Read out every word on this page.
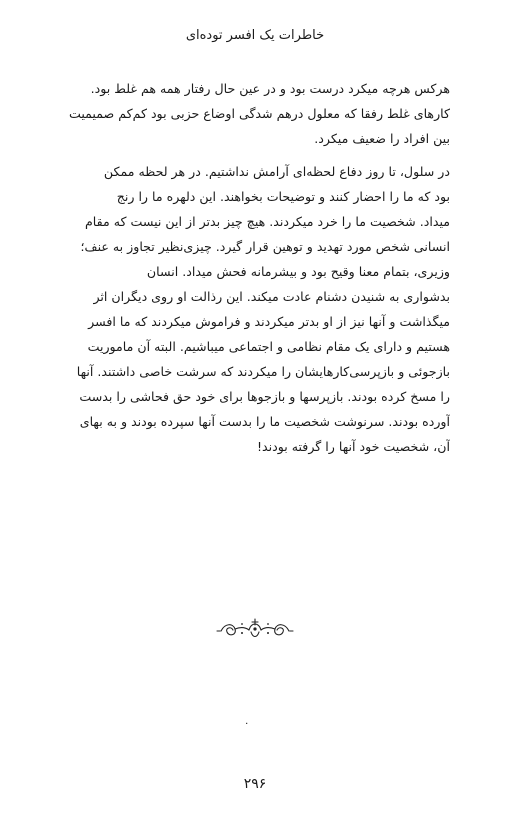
خاطرات یک افسر توده‌ای

هرکس هرچه میکرد درست بود و در عین حال رفتار همه هم غلط بود.
کارهای غلط رفقا که معلول درهم شدگی اوضاع حزبی بود کم‌کم صمیمیت
بین افراد را ضعیف میکرد.

در سلول، تا روز دفاع لحظه‌ای آرامش نداشتیم. در هر لحظه ممکن
بود که ما را احضار کنند و توضیحات بخواهند. این دلهره ما را رنج
میداد. شخصیت ما را خرد میکردند. هیچ چیز بدتر از این نیست که مقام
انسانی شخص مورد تهدید و توهین قرار گیرد. چیزی‌نظیر تجاوز به عنف؛
وزیری، بتمام معنا وقیح بود و بیشرمانه فحش میداد. انسان
بدشواری به شنیدن دشنام عادت میکند. این رذالت او روی دیگران اثر
میگذاشت و آنها نیز از او بدتر میکردند و فراموش میکردند که ما افسر
هستیم و دارای یک مقام نظامی و اجتماعی میباشیم. البته آن ماموریت
بازجوئی و بازپرسی‌کارهایشان را میکردند که سرشت خاصی داشتند. آنها
را مسخ کرده بودند. بازپرسها و بازجوها برای خود حق فحاشی را بدست
آورده بودند. سرنوشت شخصیت ما را بدست آنها سپرده بودند و به بهای
آن، شخصیت خود آنها را گرفته بودند!

٠
۲۹۶
